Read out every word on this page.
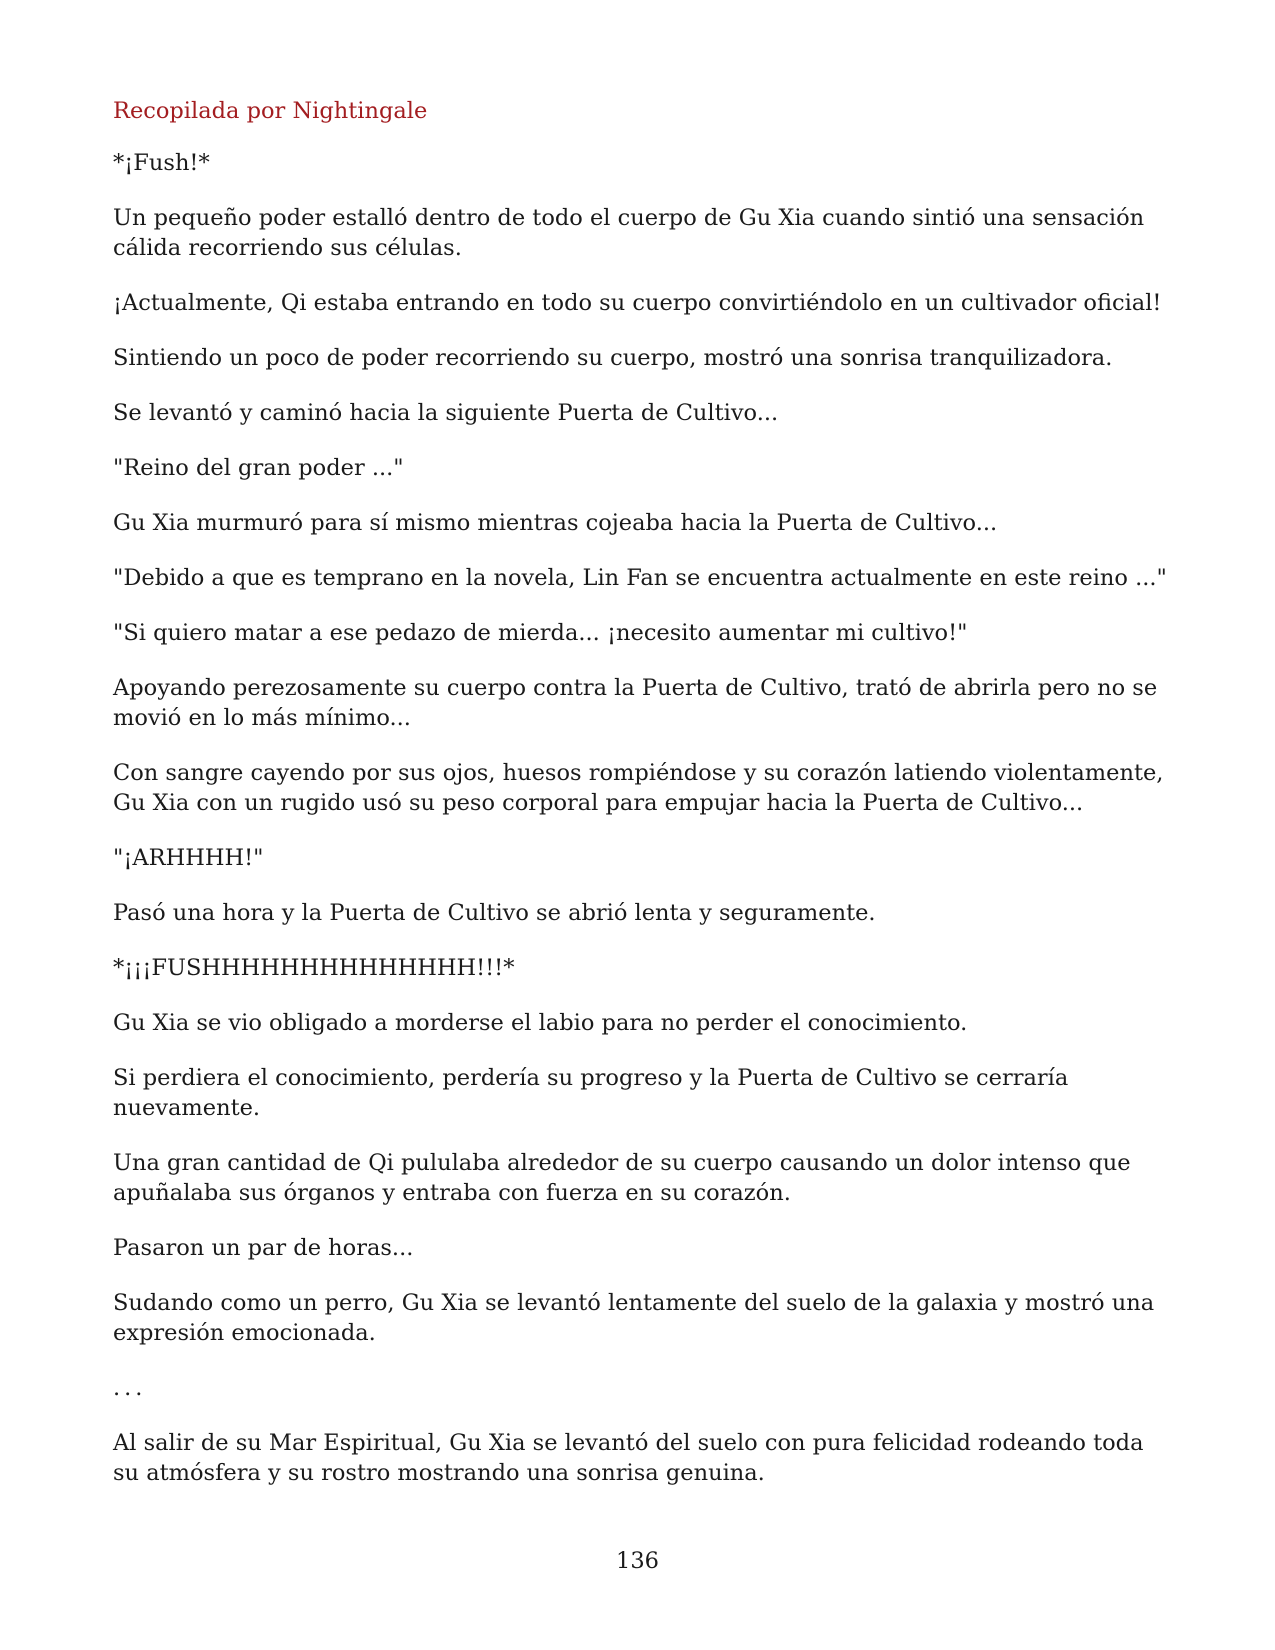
Recopilada por Nightingale

*¡Fush!*

Un pequeño poder estalló dentro de todo el cuerpo de Gu Xia cuando sintió una sensación cálida recorriendo sus células.

¡Actualmente, Qi estaba entrando en todo su cuerpo convirtiéndolo en un cultivador oficial!

Sintiendo un poco de poder recorriendo su cuerpo, mostró una sonrisa tranquilizadora.

Se levantó y caminó hacia la siguiente Puerta de Cultivo...

"Reino del gran poder ..."

Gu Xia murmuró para sí mismo mientras cojeaba hacia la Puerta de Cultivo...

"Debido a que es temprano en la novela, Lin Fan se encuentra actualmente en este reino ..."

"Si quiero matar a ese pedazo de mierda... ¡necesito aumentar mi cultivo!"

Apoyando perezosamente su cuerpo contra la Puerta de Cultivo, trató de abrirla pero no se movió en lo más mínimo...

Con sangre cayendo por sus ojos, huesos rompiéndose y su corazón latiendo violentamente, Gu Xia con un rugido usó su peso corporal para empujar hacia la Puerta de Cultivo...

"¡ARHHHH!"

Pasó una hora y la Puerta de Cultivo se abrió lenta y seguramente.

*¡¡¡FUSHHHHHHHHHHHHHH!!!*

Gu Xia se vio obligado a morderse el labio para no perder el conocimiento.

Si perdiera el conocimiento, perdería su progreso y la Puerta de Cultivo se cerraría nuevamente.

Una gran cantidad de Qi pululaba alrededor de su cuerpo causando un dolor intenso que apuñalaba sus órganos y entraba con fuerza en su corazón.

Pasaron un par de horas...

Sudando como un perro, Gu Xia se levantó lentamente del suelo de la galaxia y mostró una expresión emocionada.

...

Al salir de su Mar Espiritual, Gu Xia se levantó del suelo con pura felicidad rodeando toda su atmósfera y su rostro mostrando una sonrisa genuina.

136
